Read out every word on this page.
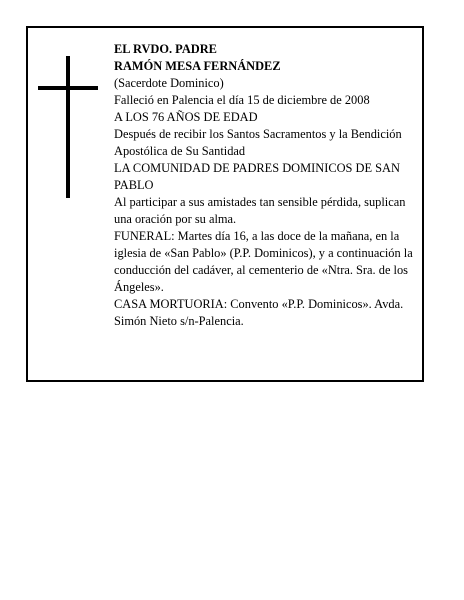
EL RVDO. PADRE

RAMÓN MESA FERNÁNDEZ

(Sacerdote Dominico)

Falleció en Palencia el día 15 de diciembre de 2008

A LOS 76 AÑOS DE EDAD

Después de recibir los Santos Sacramentos y la Bendición Apostólica de Su Santidad

LA COMUNIDAD DE PADRES DOMINICOS DE SAN PABLO

Al participar a sus amistades tan sensible pérdida, suplican una oración por su alma.

FUNERAL: Martes día 16, a las doce de la mañana, en la iglesia de «San Pablo» (P.P. Dominicos), y a continuación la conducción del cadáver, al cementerio de «Ntra. Sra. de los Ángeles».

CASA MORTUORIA: Convento «P.P. Dominicos». Avda. Simón Nieto s/n-Palencia.
